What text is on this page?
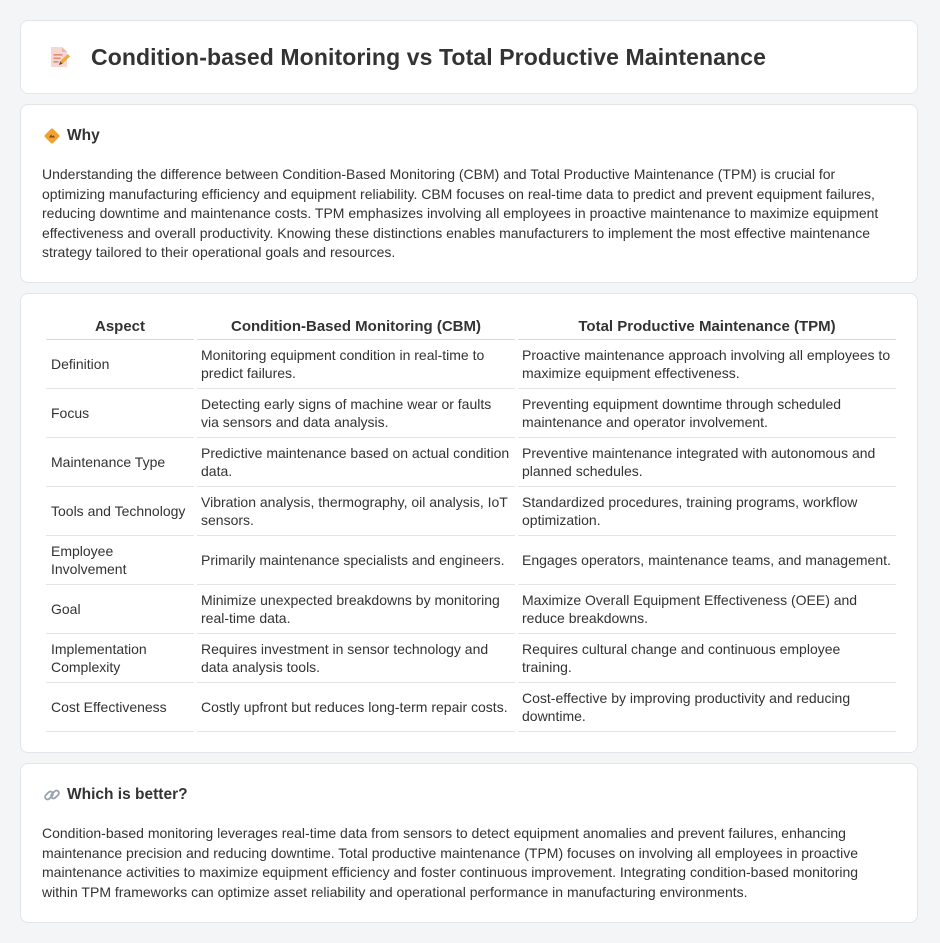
Condition-based Monitoring vs Total Productive Maintenance
Why

Understanding the difference between Condition-Based Monitoring (CBM) and Total Productive Maintenance (TPM) is crucial for optimizing manufacturing efficiency and equipment reliability. CBM focuses on real-time data to predict and prevent equipment failures, reducing downtime and maintenance costs. TPM emphasizes involving all employees in proactive maintenance to maximize equipment effectiveness and overall productivity. Knowing these distinctions enables manufacturers to implement the most effective maintenance strategy tailored to their operational goals and resources.

Aspect	Condition-Based Monitoring (CBM)	Total Productive Maintenance (TPM)
Definition	Monitoring equipment condition in real-time to predict failures.	Proactive maintenance approach involving all employees to maximize equipment effectiveness.
Focus	Detecting early signs of machine wear or faults via sensors and data analysis.	Preventing equipment downtime through scheduled maintenance and operator involvement.
Maintenance Type	Predictive maintenance based on actual condition data.	Preventive maintenance integrated with autonomous and planned schedules.
Tools and Technology	Vibration analysis, thermography, oil analysis, IoT sensors.	Standardized procedures, training programs, workflow optimization.
Employee Involvement	Primarily maintenance specialists and engineers.	Engages operators, maintenance teams, and management.
Goal	Minimize unexpected breakdowns by monitoring real-time data.	Maximize Overall Equipment Effectiveness (OEE) and reduce breakdowns.
Implementation Complexity	Requires investment in sensor technology and data analysis tools.	Requires cultural change and continuous employee training.
Cost Effectiveness	Costly upfront but reduces long-term repair costs.	Cost-effective by improving productivity and reducing downtime.
Which is better?

Condition-based monitoring leverages real-time data from sensors to detect equipment anomalies and prevent failures, enhancing maintenance precision and reducing downtime. Total productive maintenance (TPM) focuses on involving all employees in proactive maintenance activities to maximize equipment efficiency and foster continuous improvement. Integrating condition-based monitoring within TPM frameworks can optimize asset reliability and operational performance in manufacturing environments.
